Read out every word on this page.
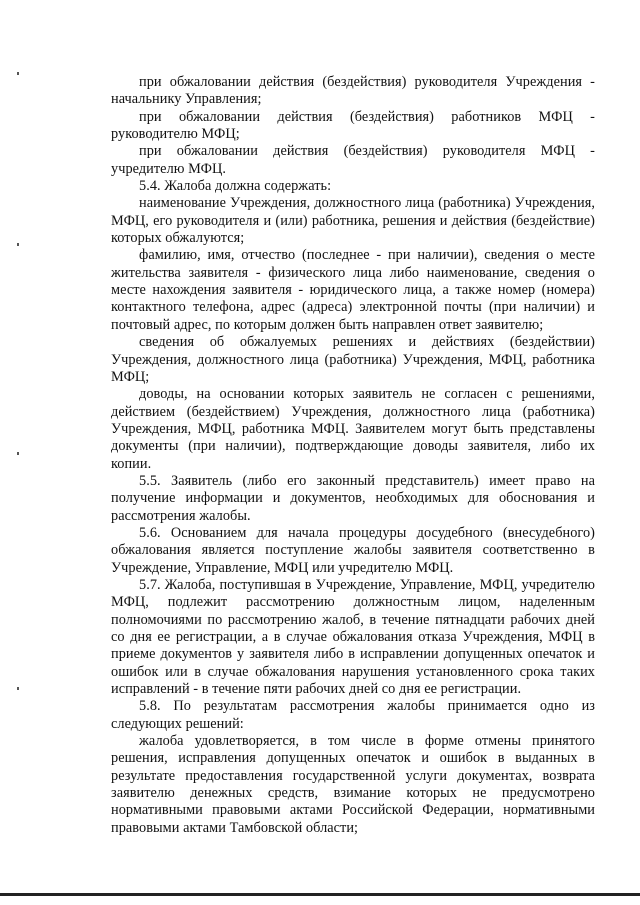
при обжаловании действия (бездействия) руководителя Учреждения - начальнику Управления;

при обжаловании действия (бездействия) работников МФЦ - руководителю МФЦ;

при обжаловании действия (бездействия) руководителя МФЦ - учредителю МФЦ.

5.4. Жалоба должна содержать:

наименование Учреждения, должностного лица (работника) Учреждения, МФЦ, его руководителя и (или) работника, решения и действия (бездействие) которых обжалуются;

фамилию, имя, отчество (последнее - при наличии), сведения о месте жительства заявителя - физического лица либо наименование, сведения о месте нахождения заявителя - юридического лица, а также номер (номера) контактного телефона, адрес (адреса) электронной почты (при наличии) и почтовый адрес, по которым должен быть направлен ответ заявителю;

сведения об обжалуемых решениях и действиях (бездействии) Учреждения, должностного лица (работника) Учреждения, МФЦ, работника МФЦ;

доводы, на основании которых заявитель не согласен с решениями, действием (бездействием) Учреждения, должностного лица (работника) Учреждения, МФЦ, работника МФЦ. Заявителем могут быть представлены документы (при наличии), подтверждающие доводы заявителя, либо их копии.

5.5. Заявитель (либо его законный представитель) имеет право на получение информации и документов, необходимых для обоснования и рассмотрения жалобы.

5.6. Основанием для начала процедуры досудебного (внесудебного) обжалования является поступление жалобы заявителя соответственно в Учреждение, Управление, МФЦ или учредителю МФЦ.

5.7. Жалоба, поступившая в Учреждение, Управление, МФЦ, учредителю МФЦ, подлежит рассмотрению должностным лицом, наделенным полномочиями по рассмотрению жалоб, в течение пятнадцати рабочих дней со дня ее регистрации, а в случае обжалования отказа Учреждения, МФЦ в приеме документов у заявителя либо в исправлении допущенных опечаток и ошибок или в случае обжалования нарушения установленного срока таких исправлений - в течение пяти рабочих дней со дня ее регистрации.

5.8. По результатам рассмотрения жалобы принимается одно из следующих решений:

жалоба удовлетворяется, в том числе в форме отмены принятого решения, исправления допущенных опечаток и ошибок в выданных в результате предоставления государственной услуги документах, возврата заявителю денежных средств, взимание которых не предусмотрено нормативными правовыми актами Российской Федерации, нормативными правовыми актами Тамбовской области;
